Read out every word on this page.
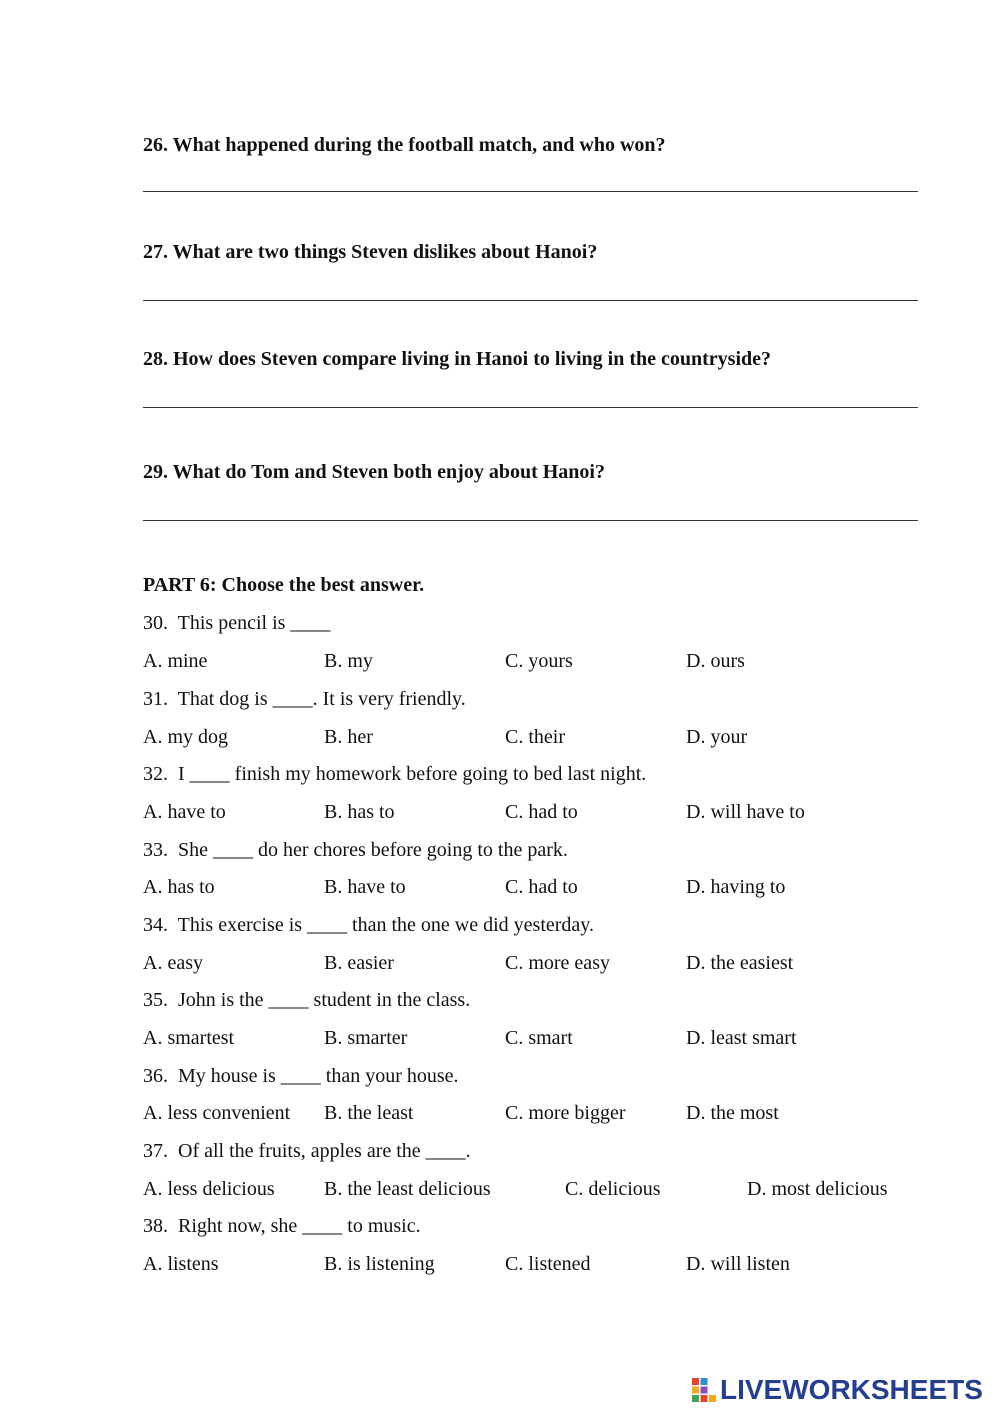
26. What happened during the football match, and who won?
27. What are two things Steven dislikes about Hanoi?
28. How does Steven compare living in Hanoi to living in the countryside?
29. What do Tom and Steven both enjoy about Hanoi?
PART 6: Choose the best answer.
30.  This pencil is ____
A. mine	B. my	C. yours	D. ours
31.  That dog is ____. It is very friendly.
A. my dog	B. her	C. their	D. your
32.  I ____ finish my homework before going to bed last night.
A. have to	B. has to	C. had to	D. will have to
33.  She ____ do her chores before going to the park.
A. has to	B. have to	C. had to	D. having to
34.  This exercise is ____ than the one we did yesterday.
A. easy	B. easier	C. more easy	D. the easiest
35.  John is the ____ student in the class.
A. smartest	B. smarter	C. smart	D. least smart
36.  My house is ____ than your house.
A. less convenient B. the least	C. more bigger	D. the most
37.  Of all the fruits, apples are the ____.
A. less delicious B. the least delicious	C. delicious	D. most delicious
38.  Right now, she ____ to music.
A. listens	B. is listening	C. listened	D. will listen
LIVEWORKSHEETS
